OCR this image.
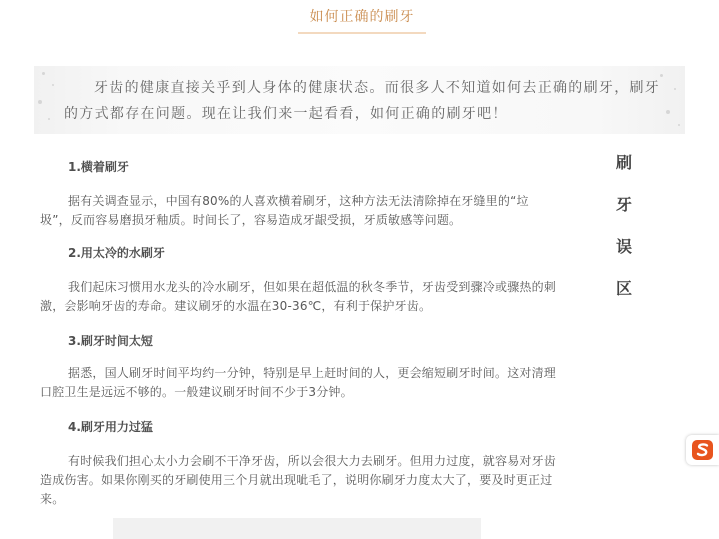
如何正确的刷牙
牙齿的健康直接关乎到人身体的健康状态。而很多人不知道如何去正确的刷牙，刷牙的方式都存在问题。现在让我们来一起看看，如何正确的刷牙吧！
1.横着刷牙
据有关调查显示，中国有80%的人喜欢横着刷牙，这种方法无法清除掉在牙缝里的“垃圾”，反而容易磨损牙釉质。时间长了，容易造成牙龈受损，牙质敏感等问题。
2.用太冷的水刷牙
我们起床习惯用水龙头的冷水刷牙，但如果在超低温的秋冬季节，牙齿受到骤冷或骤热的刺激，会影响牙齿的寿命。建议刷牙的水温在30-36℃，有利于保护牙齿。
3.刷牙时间太短
据悉，国人刷牙时间平均约一分钟，特别是早上赶时间的人，更会缩短刷牙时间。这对清理口腔卫生是远远不够的。一般建议刷牙时间不少于3分钟。
4.刷牙用力过猛
有时候我们担心太小力会刷不干净牙齿，所以会很大力去刷牙。但用力过度，就容易对牙齿造成伤害。如果你刚买的牙刷使用三个月就出现呲毛了，说明你刷牙力度太大了，要及时更正过来。
刷
牙
误
区
